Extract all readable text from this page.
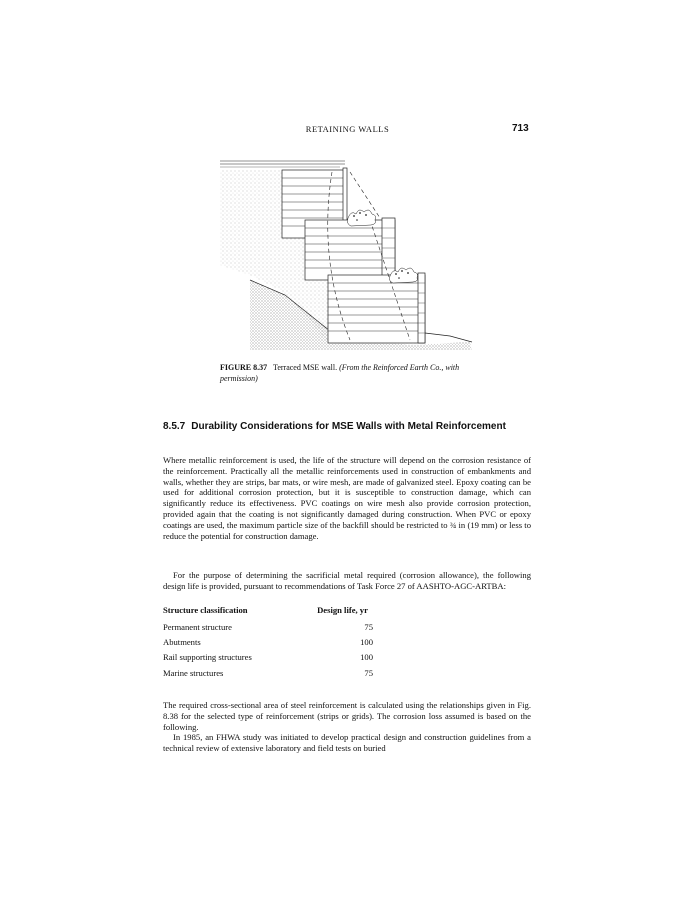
RETAINING WALLS	713
FIGURE 8.37 Terraced MSE wall. (From the Reinforced Earth Co., with permission)
8.5.7 Durability Considerations for MSE Walls with Metal Reinforcement

Where metallic reinforcement is used, the life of the structure will depend on the corrosion resistance of the reinforcement. Practically all the metallic reinforcements used in construction of embankments and walls, whether they are strips, bar mats, or wire mesh, are made of galvanized steel. Epoxy coating can be used for additional corrosion protection, but it is susceptible to construction damage, which can significantly reduce its effectiveness. PVC coatings on wire mesh also provide corrosion protection, provided again that the coating is not significantly damaged during construction. When PVC or epoxy coatings are used, the maximum particle size of the backfill should be restricted to ¾ in (19 mm) or less to reduce the potential for construction damage.

For the purpose of determining the sacrificial metal required (corrosion allowance), the following design life is provided, pursuant to recommendations of Task Force 27 of AASHTO-AGC-ARTBA:

Structure classification	Design life, yr
Permanent structure	75
Abutments	100
Rail supporting structures	100
Marine structures	75

The required cross-sectional area of steel reinforcement is calculated using the relationships given in Fig. 8.38 for the selected type of reinforcement (strips or grids). The corrosion loss assumed is based on the following.

In 1985, an FHWA study was initiated to develop practical design and construction guidelines from a technical review of extensive laboratory and field tests on buried
